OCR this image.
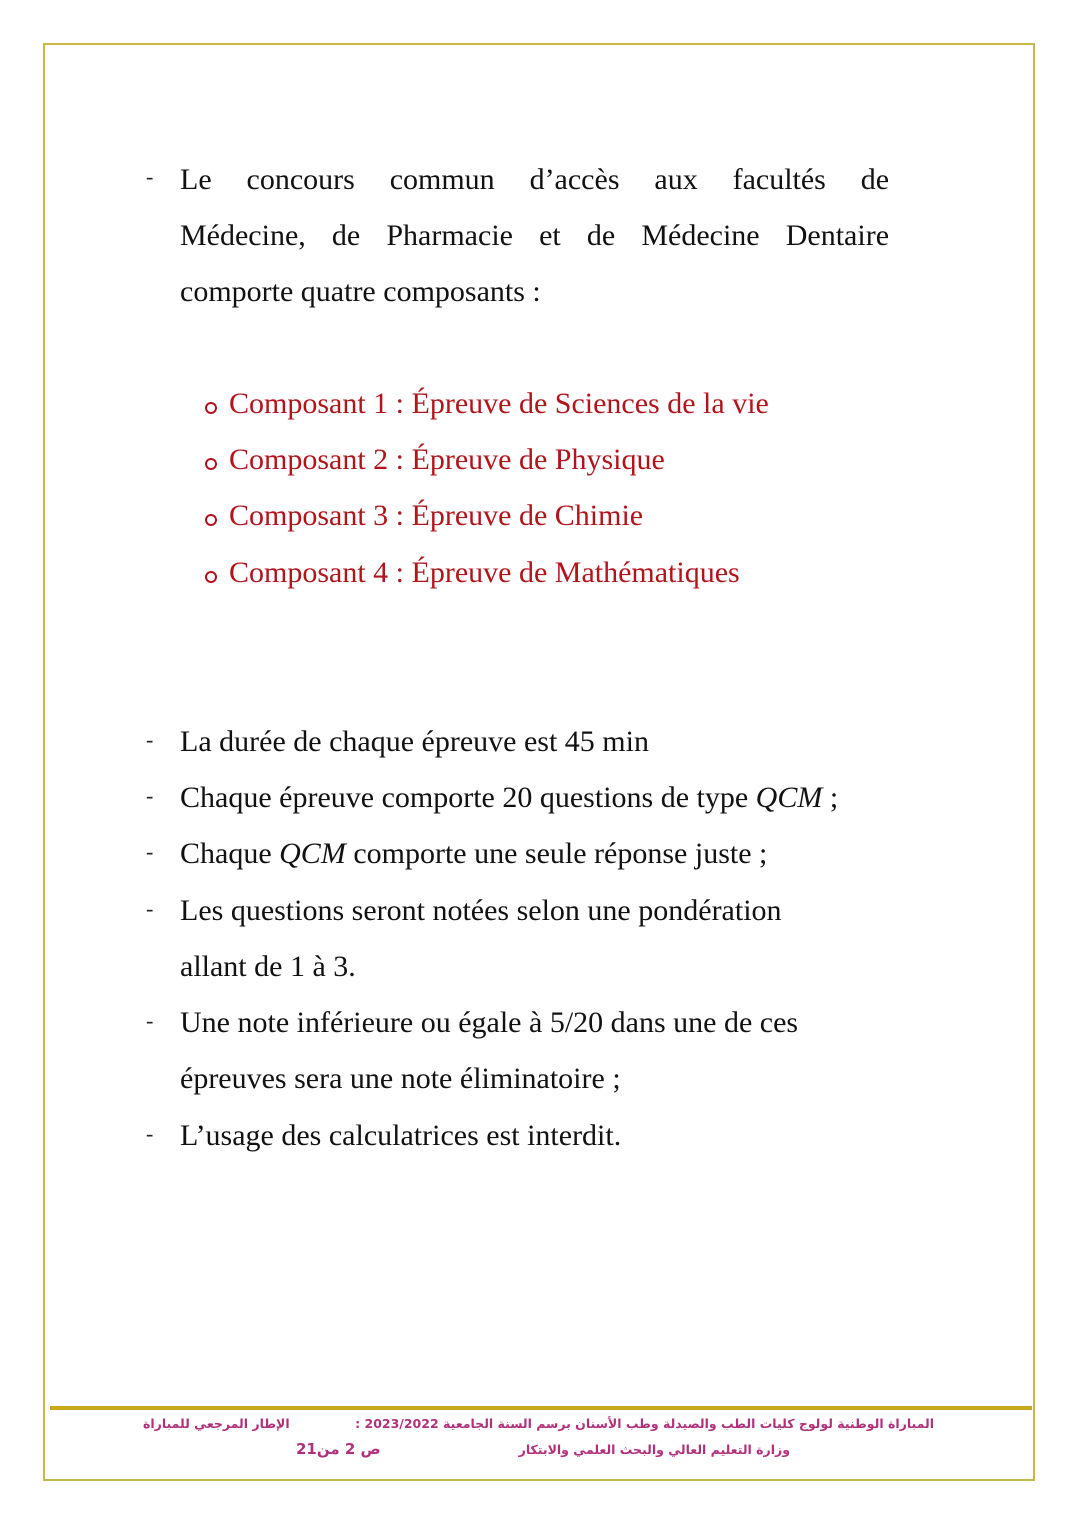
- Le concours commun d’accès aux facultés de
Médecine, de Pharmacie et de Médecine Dentaire
comporte quatre composants :
Composant 1 : Épreuve de Sciences de la vie
Composant 2 : Épreuve de Physique
Composant 3 : Épreuve de Chimie
Composant 4 : Épreuve de Mathématiques
- La durée de chaque épreuve est 45 min
- Chaque épreuve comporte 20 questions de type QCM ;
- Chaque QCM comporte une seule réponse juste ;
- Les questions seront notées selon une pondération
allant de 1 à 3.
- Une note inférieure ou égale à 5/20 dans une de ces
épreuves sera une note éliminatoire ;
- L’usage des calculatrices est interdit.
المباراة الوطنية لولوج كليات الطب والصيدلة وطب الأسنان برسم السنة الجامعية 2023/2022 :
الإطار المرجعي للمباراة
وزارة التعليم العالي والبحث العلمي والابتكار
ص 2 من21
